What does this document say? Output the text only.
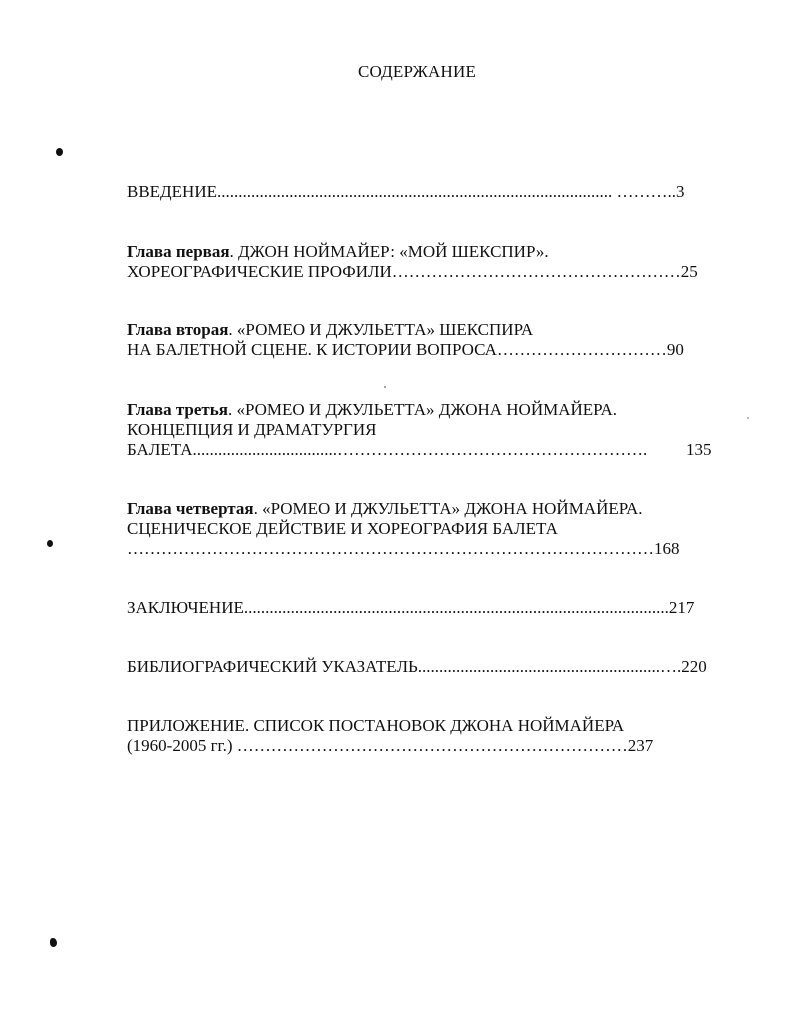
СОДЕРЖАНИЕ
ВВЕДЕНИЕ............................................................................................. ………..3
Глава первая. ДЖОН НОЙМАЙЕР: «МОЙ ШЕКСПИР».
ХОРЕОГРАФИЧЕСКИЕ ПРОФИЛИ……………………………………………25
Глава вторая. «РОМЕО И ДЖУЛЬЕТТА» ШЕКСПИРА
НА БАЛЕТНОЙ СЦЕНЕ. К ИСТОРИИ ВОПРОСА…………………………90
Глава третья. «РОМЕО И ДЖУЛЬЕТТА» ДЖОНА НОЙМАЙЕРА.
КОНЦЕПЦИЯ И ДРАМАТУРГИЯ
БАЛЕТА..................................………………………………………………. 135
Глава четвертая. «РОМЕО И ДЖУЛЬЕТТА» ДЖОНА НОЙМАЙЕРА.
СЦЕНИЧЕСКОЕ ДЕЙСТВИЕ И ХОРЕОГРАФИЯ БАЛЕТА
…………………………………………………………………………………168
ЗАКЛЮЧЕНИЕ....................................................................................................217
БИБЛИОГРАФИЧЕСКИЙ УКАЗАТЕЛЬ.........................................................….220
ПРИЛОЖЕНИЕ. СПИСОК ПОСТАНОВОК ДЖОНА НОЙМАЙЕРА
(1960-2005 гг.) ……………………………………………………………237
